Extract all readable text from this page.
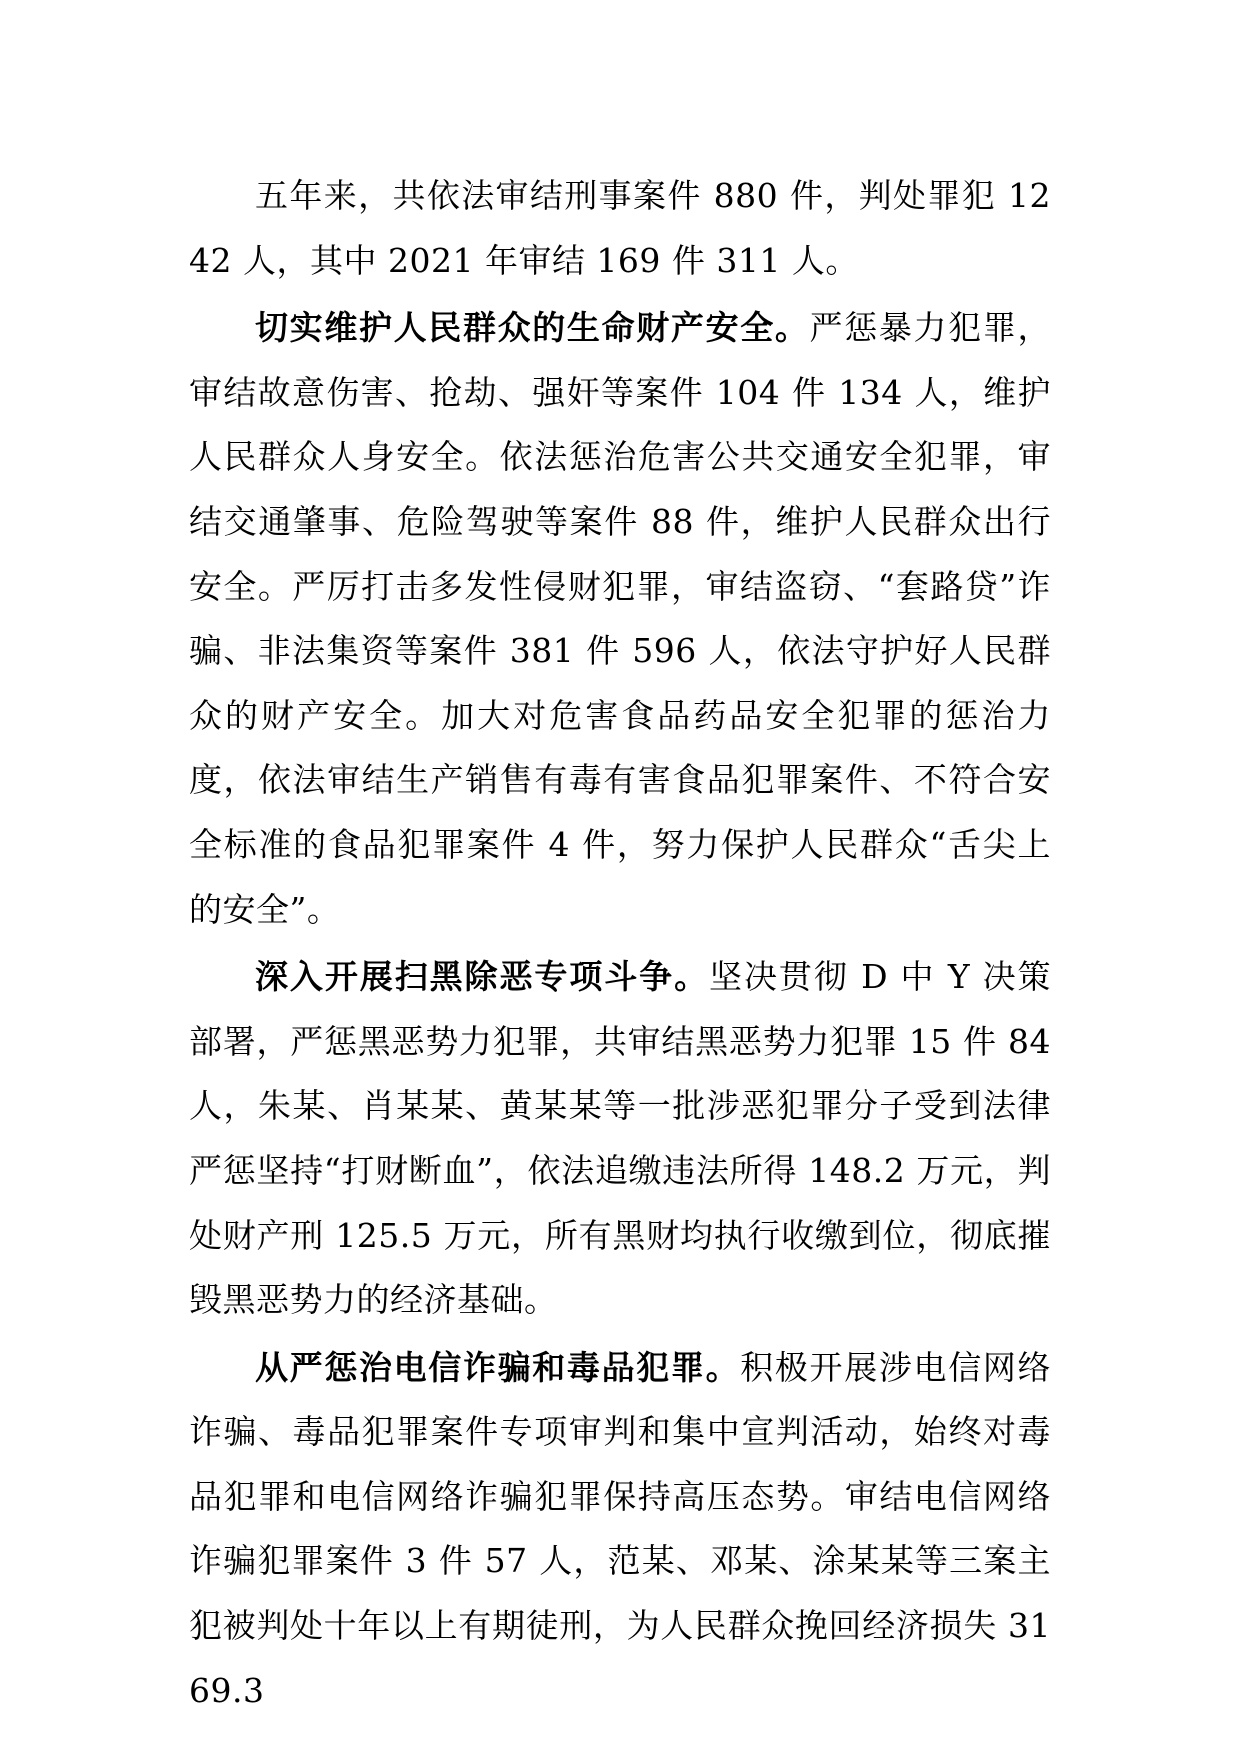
五年来，共依法审结刑事案件 880 件，判处罪犯 1242 人，其中 2021 年审结 169 件 311 人。

切实维护人民群众的生命财产安全。严惩暴力犯罪，审结故意伤害、抢劫、强奸等案件 104 件 134 人，维护人民群众人身安全。依法惩治危害公共交通安全犯罪，审结交通肇事、危险驾驶等案件 88 件，维护人民群众出行安全。严厉打击多发性侵财犯罪，审结盗窃、“套路贷”诈骗、非法集资等案件 381 件 596 人，依法守护好人民群众的财产安全。加大对危害食品药品安全犯罪的惩治力度，依法审结生产销售有毒有害食品犯罪案件、不符合安全标准的食品犯罪案件 4 件，努力保护人民群众“舌尖上的安全”。

深入开展扫黑除恶专项斗争。坚决贯彻 D 中 Y 决策部署，严惩黑恶势力犯罪，共审结黑恶势力犯罪 15 件 84 人，朱某、肖某某、黄某某等一批涉恶犯罪分子受到法律严惩坚持“打财断血”，依法追缴违法所得 148.2 万元，判处财产刑 125.5 万元，所有黑财均执行收缴到位，彻底摧毁黑恶势力的经济基础。

从严惩治电信诈骗和毒品犯罪。积极开展涉电信网络诈骗、毒品犯罪案件专项审判和集中宣判活动，始终对毒品犯罪和电信网络诈骗犯罪保持高压态势。审结电信网络诈骗犯罪案件 3 件 57 人，范某、邓某、涂某某等三案主犯被判处十年以上有期徒刑，为人民群众挽回经济损失 3169.3
